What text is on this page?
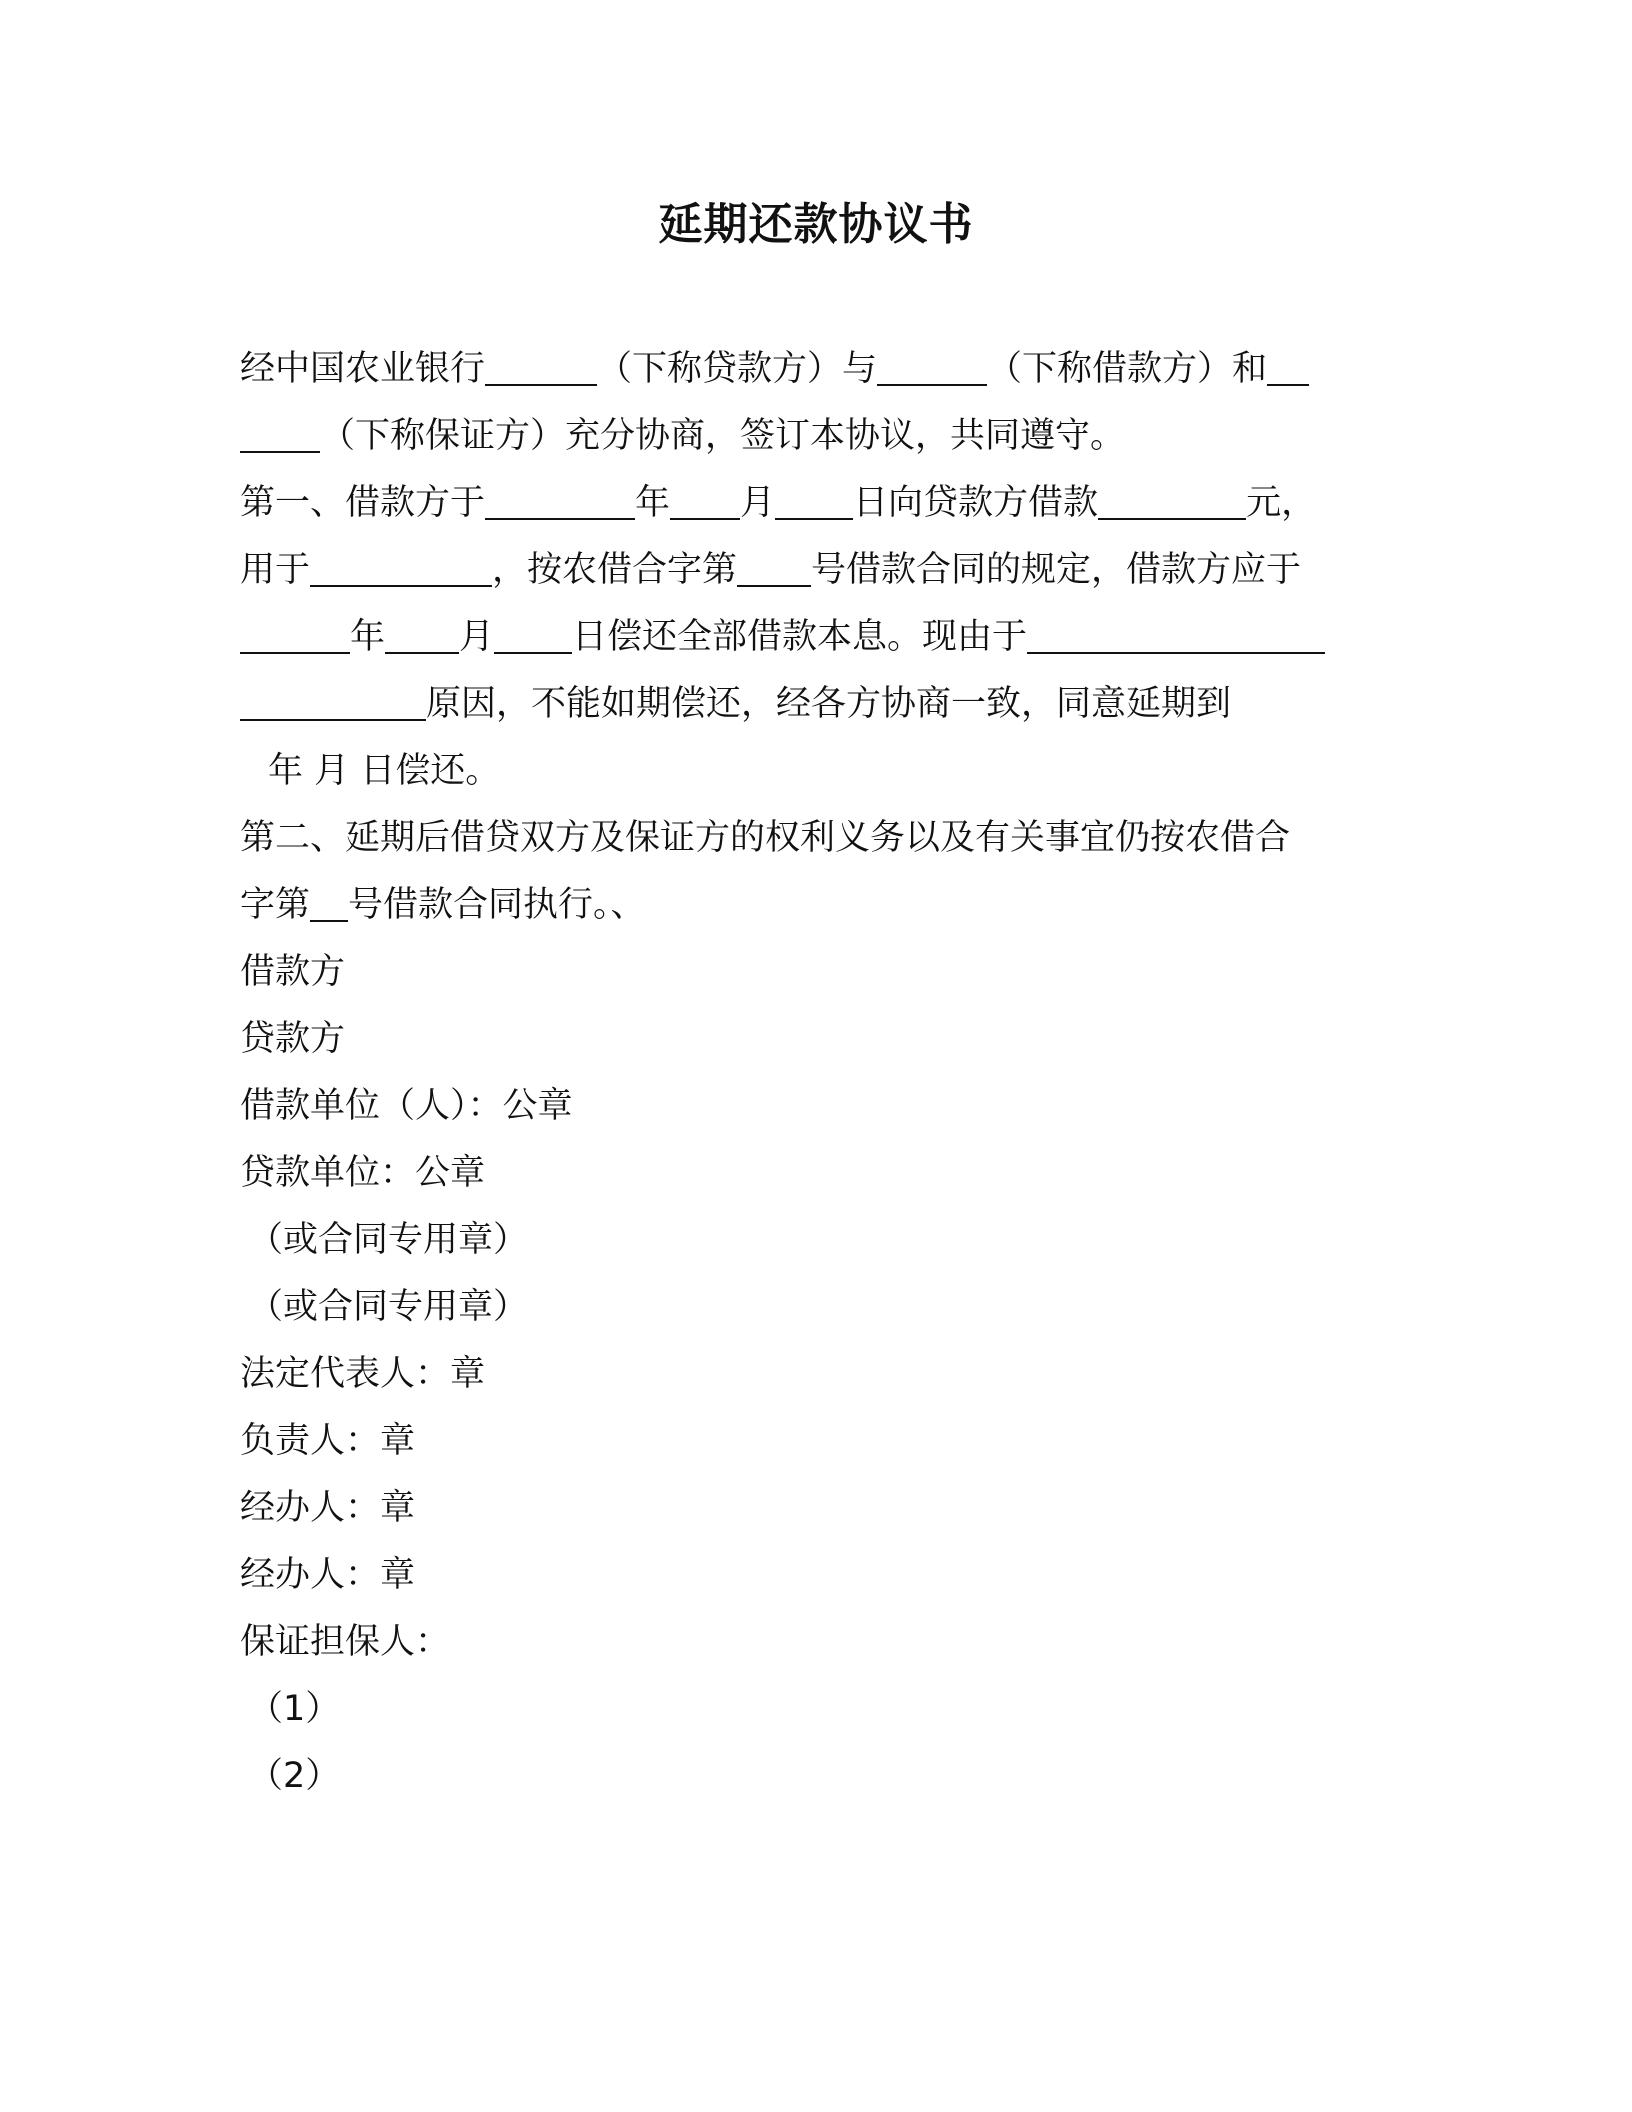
延期还款协议书
经中国农业银行	（下称贷款方）与	（下称借款方）和
（下称保证方）充分协商，签订本协议，共同遵守。
第一、借款方于	年 月 日向贷款方借款	元，
用于	，按农借合字第 号借款合同的规定，借款方应于
年 月 日偿还全部借款本息。现由于
原因，不能如期偿还，经各方协商一致，同意延期到
年 月 日偿还。
第二、延期后借贷双方及保证方的权利义务以及有关事宜仍按农借合
字第 号借款合同执行。、
借款方
贷款方
借款单位（人）：公章
贷款单位：公章
（或合同专用章）
（或合同专用章）
法定代表人：章
负责人：章
经办人：章
经办人：章
保证担保人：
（1）
（2）
